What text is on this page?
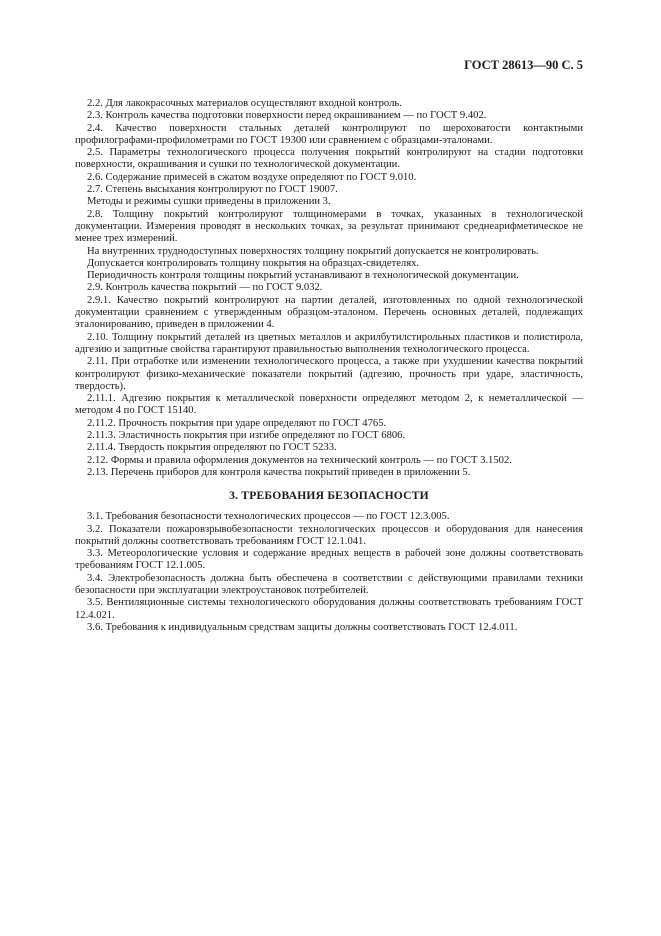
ГОСТ 28613—90 С. 5

2.2. Для лакокрасочных материалов осуществляют входной контроль.

2.3. Контроль качества подготовки поверхности перед окрашиванием — по ГОСТ 9.402.

2.4. Качество поверхности стальных деталей контролируют по шероховатости контактными профилографами-профилометрами по ГОСТ 19300 или сравнением с образцами-эталонами.

2.5. Параметры технологического процесса получения покрытий контролируют на стадии подготовки поверхности, окрашивания и сушки по технологической документации.

2.6. Содержание примесей в сжатом воздухе определяют по ГОСТ 9.010.

2.7. Степень высыхания контролируют по ГОСТ 19007.

Методы и режимы сушки приведены в приложении 3.

2.8. Толщину покрытий контролируют толщиномерами в точках, указанных в технологической документации. Измерения проводят в нескольких точках, за результат принимают среднеарифметическое не менее трех измерений.

На внутренних труднодоступных поверхностях толщину покрытий допускается не контролировать.

Допускается контролировать толщину покрытия на образцах-свидетелях.

Периодичность контроля толщины покрытий устанавливают в технологической документации.

2.9. Контроль качества покрытий — по ГОСТ 9.032.

2.9.1. Качество покрытий контролируют на партии деталей, изготовленных по одной технологической документации сравнением с утвержденным образцом-эталоном. Перечень основных деталей, подлежащих эталонированию, приведен в приложении 4.

2.10. Толщину покрытий деталей из цветных металлов и акрилбутилстирольных пластиков и полистирола, адгезию и защитные свойства гарантируют правильностью выполнения технологического процесса.

2.11. При отработке или изменении технологического процесса, а также при ухудшении качества покрытий контролируют физико-механические показатели покрытий (адгезию, прочность при ударе, эластичность, твердость).

2.11.1. Адгезию покрытия к металлической поверхности определяют методом 2, к неметаллической — методом 4 по ГОСТ 15140.

2.11.2. Прочность покрытия при ударе определяют по ГОСТ 4765.

2.11.3. Эластичность покрытия при изгибе определяют по ГОСТ 6806.

2.11.4. Твердость покрытия определяют по ГОСТ 5233.

2.12. Формы и правила оформления документов на технический контроль — по ГОСТ 3.1502.

2.13. Перечень приборов для контроля качества покрытий приведен в приложении 5.

3. ТРЕБОВАНИЯ БЕЗОПАСНОСТИ

3.1. Требования безопасности технологических процессов — по ГОСТ 12.3.005.

3.2. Показатели пожаровзрывобезопасности технологических процессов и оборудования для нанесения покрытий должны соответствовать требованиям ГОСТ 12.1.041.

3.3. Метеорологические условия и содержание вредных веществ в рабочей зоне должны соответствовать требованиям ГОСТ 12.1.005.

3.4. Электробезопасность должна быть обеспечена в соответствии с действующими правилами техники безопасности при эксплуатации электроустановок потребителей.

3.5. Вентиляционные системы технологического оборудования должны соответствовать требованиям ГОСТ 12.4.021.

3.6. Требования к индивидуальным средствам защиты должны соответствовать ГОСТ 12.4.011.
